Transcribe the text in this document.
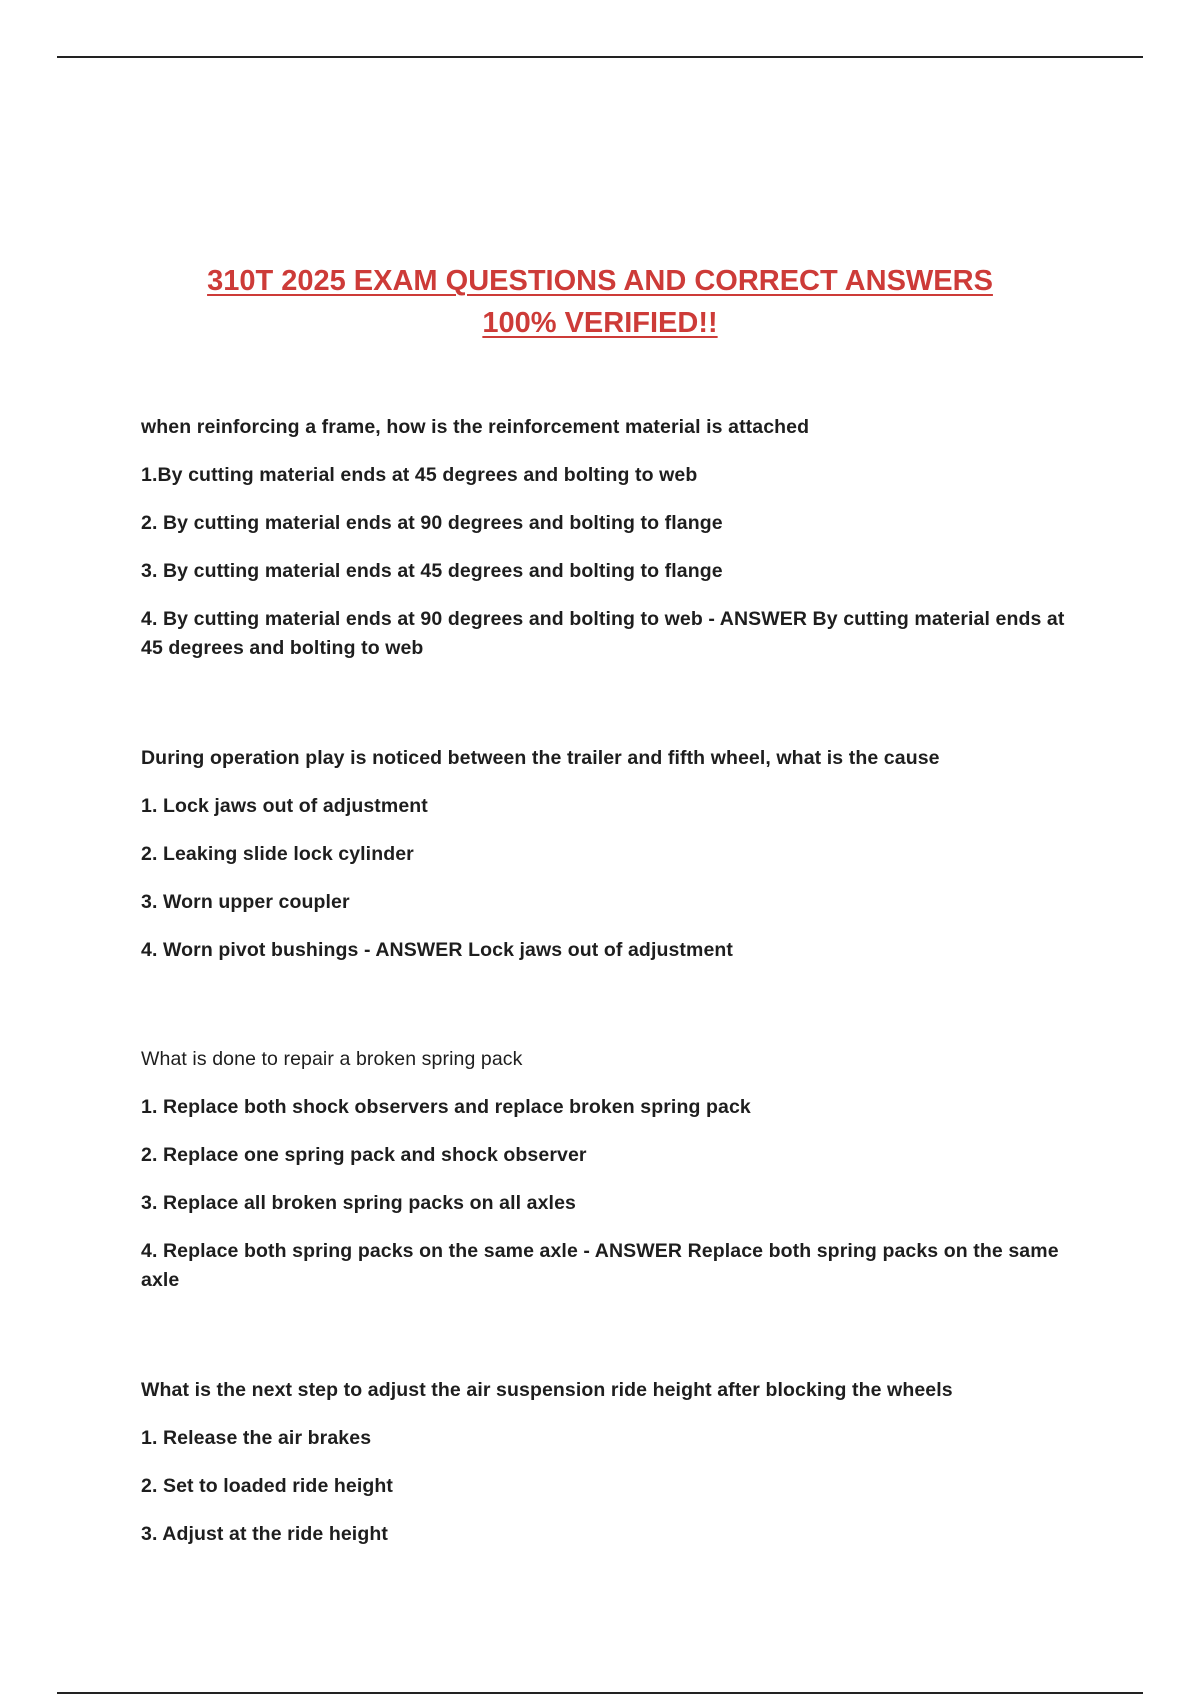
310T 2025 EXAM QUESTIONS AND CORRECT ANSWERS
100% VERIFIED!!

when reinforcing a frame, how is the reinforcement material is attached

1.By cutting material ends at 45 degrees and bolting to web

2. By cutting material ends at 90 degrees and bolting to flange

3. By cutting material ends at 45 degrees and bolting to flange

4. By cutting material ends at 90 degrees and bolting to web - ANSWER By cutting material ends at 45 degrees and bolting to web

During operation play is noticed between the trailer and fifth wheel, what is the cause

1. Lock jaws out of adjustment

2. Leaking slide lock cylinder

3. Worn upper coupler

4. Worn pivot bushings - ANSWER Lock jaws out of adjustment

What is done to repair a broken spring pack

1. Replace both shock observers and replace broken spring pack

2. Replace one spring pack and shock observer

3. Replace all broken spring packs on all axles

4. Replace both spring packs on the same axle - ANSWER Replace both spring packs on the same axle

What is the next step to adjust the air suspension ride height after blocking the wheels

1. Release the air brakes

2. Set to loaded ride height

3. Adjust at the ride height
